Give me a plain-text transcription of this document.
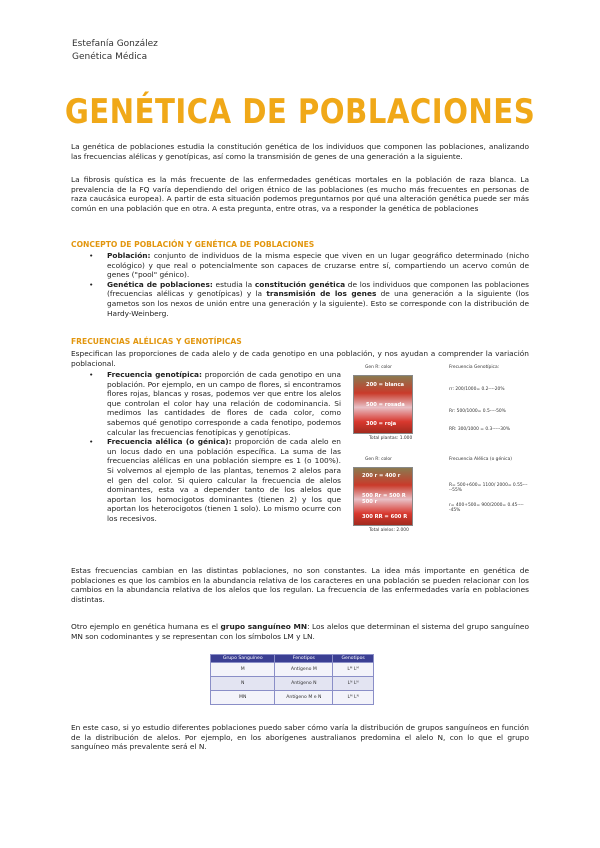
Estefanía González
Genética Médica
GENÉTICA DE POBLACIONES
La genética de poblaciones estudia la constitución genética de los individuos que componen las poblaciones, analizando las frecuencias alélicas y genotípicas, así como la transmisión de genes de una generación a la siguiente.
La fibrosis quística es la más frecuente de las enfermedades genéticas mortales en la población de raza blanca. La prevalencia de la FQ varía dependiendo del origen étnico de las poblaciones (es mucho más frecuentes en personas de raza caucásica europea). A partir de esta situación podemos preguntarnos por qué una alteración genética puede ser más común en una población que en otra. A esta pregunta, entre otras, va a responder la genética de poblaciones
CONCEPTO DE POBLACIÓN Y GENÉTICA DE POBLACIONES
• Población: conjunto de individuos de la misma especie que viven en un lugar geográfico determinado (nicho ecológico) y que real o potencialmente son capaces de cruzarse entre sí, compartiendo un acervo común de genes ("pool" génico).
• Genética de poblaciones: estudia la constitución genética de los individuos que componen las poblaciones (frecuencias alélicas y genotípicas) y la transmisión de los genes de una generación a la siguiente (los gametos son los nexos de unión entre una generación y la siguiente). Esto se corresponde con la distribución de Hardy-Weinberg.
FRECUENCIAS ALÉLICAS Y GENOTÍPICAS
Especifican las proporciones de cada alelo y de cada genotipo en una población, y nos ayudan a comprender la variación poblacional.
• Frecuencia genotípica: proporción de cada genotipo en una población. Por ejemplo, en un campo de flores, si encontramos flores rojas, blancas y rosas, podemos ver que entre los alelos que controlan el color hay una relación de codominancia. Si medimos las cantidades de flores de cada color, como sabemos qué genotipo corresponde a cada fenotipo, podemos calcular las frecuencias fenotípicas y genotípicas.
• Frecuencia alélica (o génica): proporción de cada alelo en un locus dado en una población específica. La suma de las frecuencias alélicas en una población siempre es 1 (o 100%). Si volvemos al ejemplo de las plantas, tenemos 2 alelos para el gen del color. Si quiero calcular la frecuencia de alelos dominantes, esta va a depender tanto de los alelos que aportan los homocigotos dominantes (tienen 2) y los que aportan los heterocigotos (tienen 1 solo). Lo mismo ocurre con los recesivos.
Gen R: color
200 = blanca
500 = rosada
300 = roja
Total plantas: 1.000
Frecuencia Genotípica:
rr: 200/1000= 0.2----20%
Rr: 500/1000= 0.5----50%
RR: 300/1000 = 0.3-----30%
Gen R: color
200 r = 400 r
500 Rr = 500 R
500 r
300 RR = 600 R
Total alelos: 2.000
Frecuencia Alélica (o génica)
R= 500+600= 1100/ 2000= 0.55-----55%
r= 400+500= 900/2000= 0.45-----45%
Estas frecuencias cambian en las distintas poblaciones, no son constantes. La idea más importante en genética de poblaciones es que los cambios en la abundancia relativa de los caracteres en una población se pueden relacionar con los cambios en la abundancia relativa de los alelos que los regulan. La frecuencia de las enfermedades varía en poblaciones distintas.
Otro ejemplo en genética humana es el grupo sanguíneo MN: Los alelos que determinan el sistema del grupo sanguíneo MN son codominantes y se representan con los símbolos LM y LN.
Grupo Sanguíneo	Fenotipos	Genotipos
M	Antígeno M	Lᴹ Lᴹ
N	Antígeno N	Lᴺ Lᴺ
MN	Antígeno M e N	Lᴹ Lᴺ
En este caso, si yo estudio diferentes poblaciones puedo saber cómo varía la distribución de grupos sanguíneos en función de la distribución de alelos. Por ejemplo, en los aborígenes australianos predomina el alelo N, con lo que el grupo sanguíneo más prevalente será el N.
